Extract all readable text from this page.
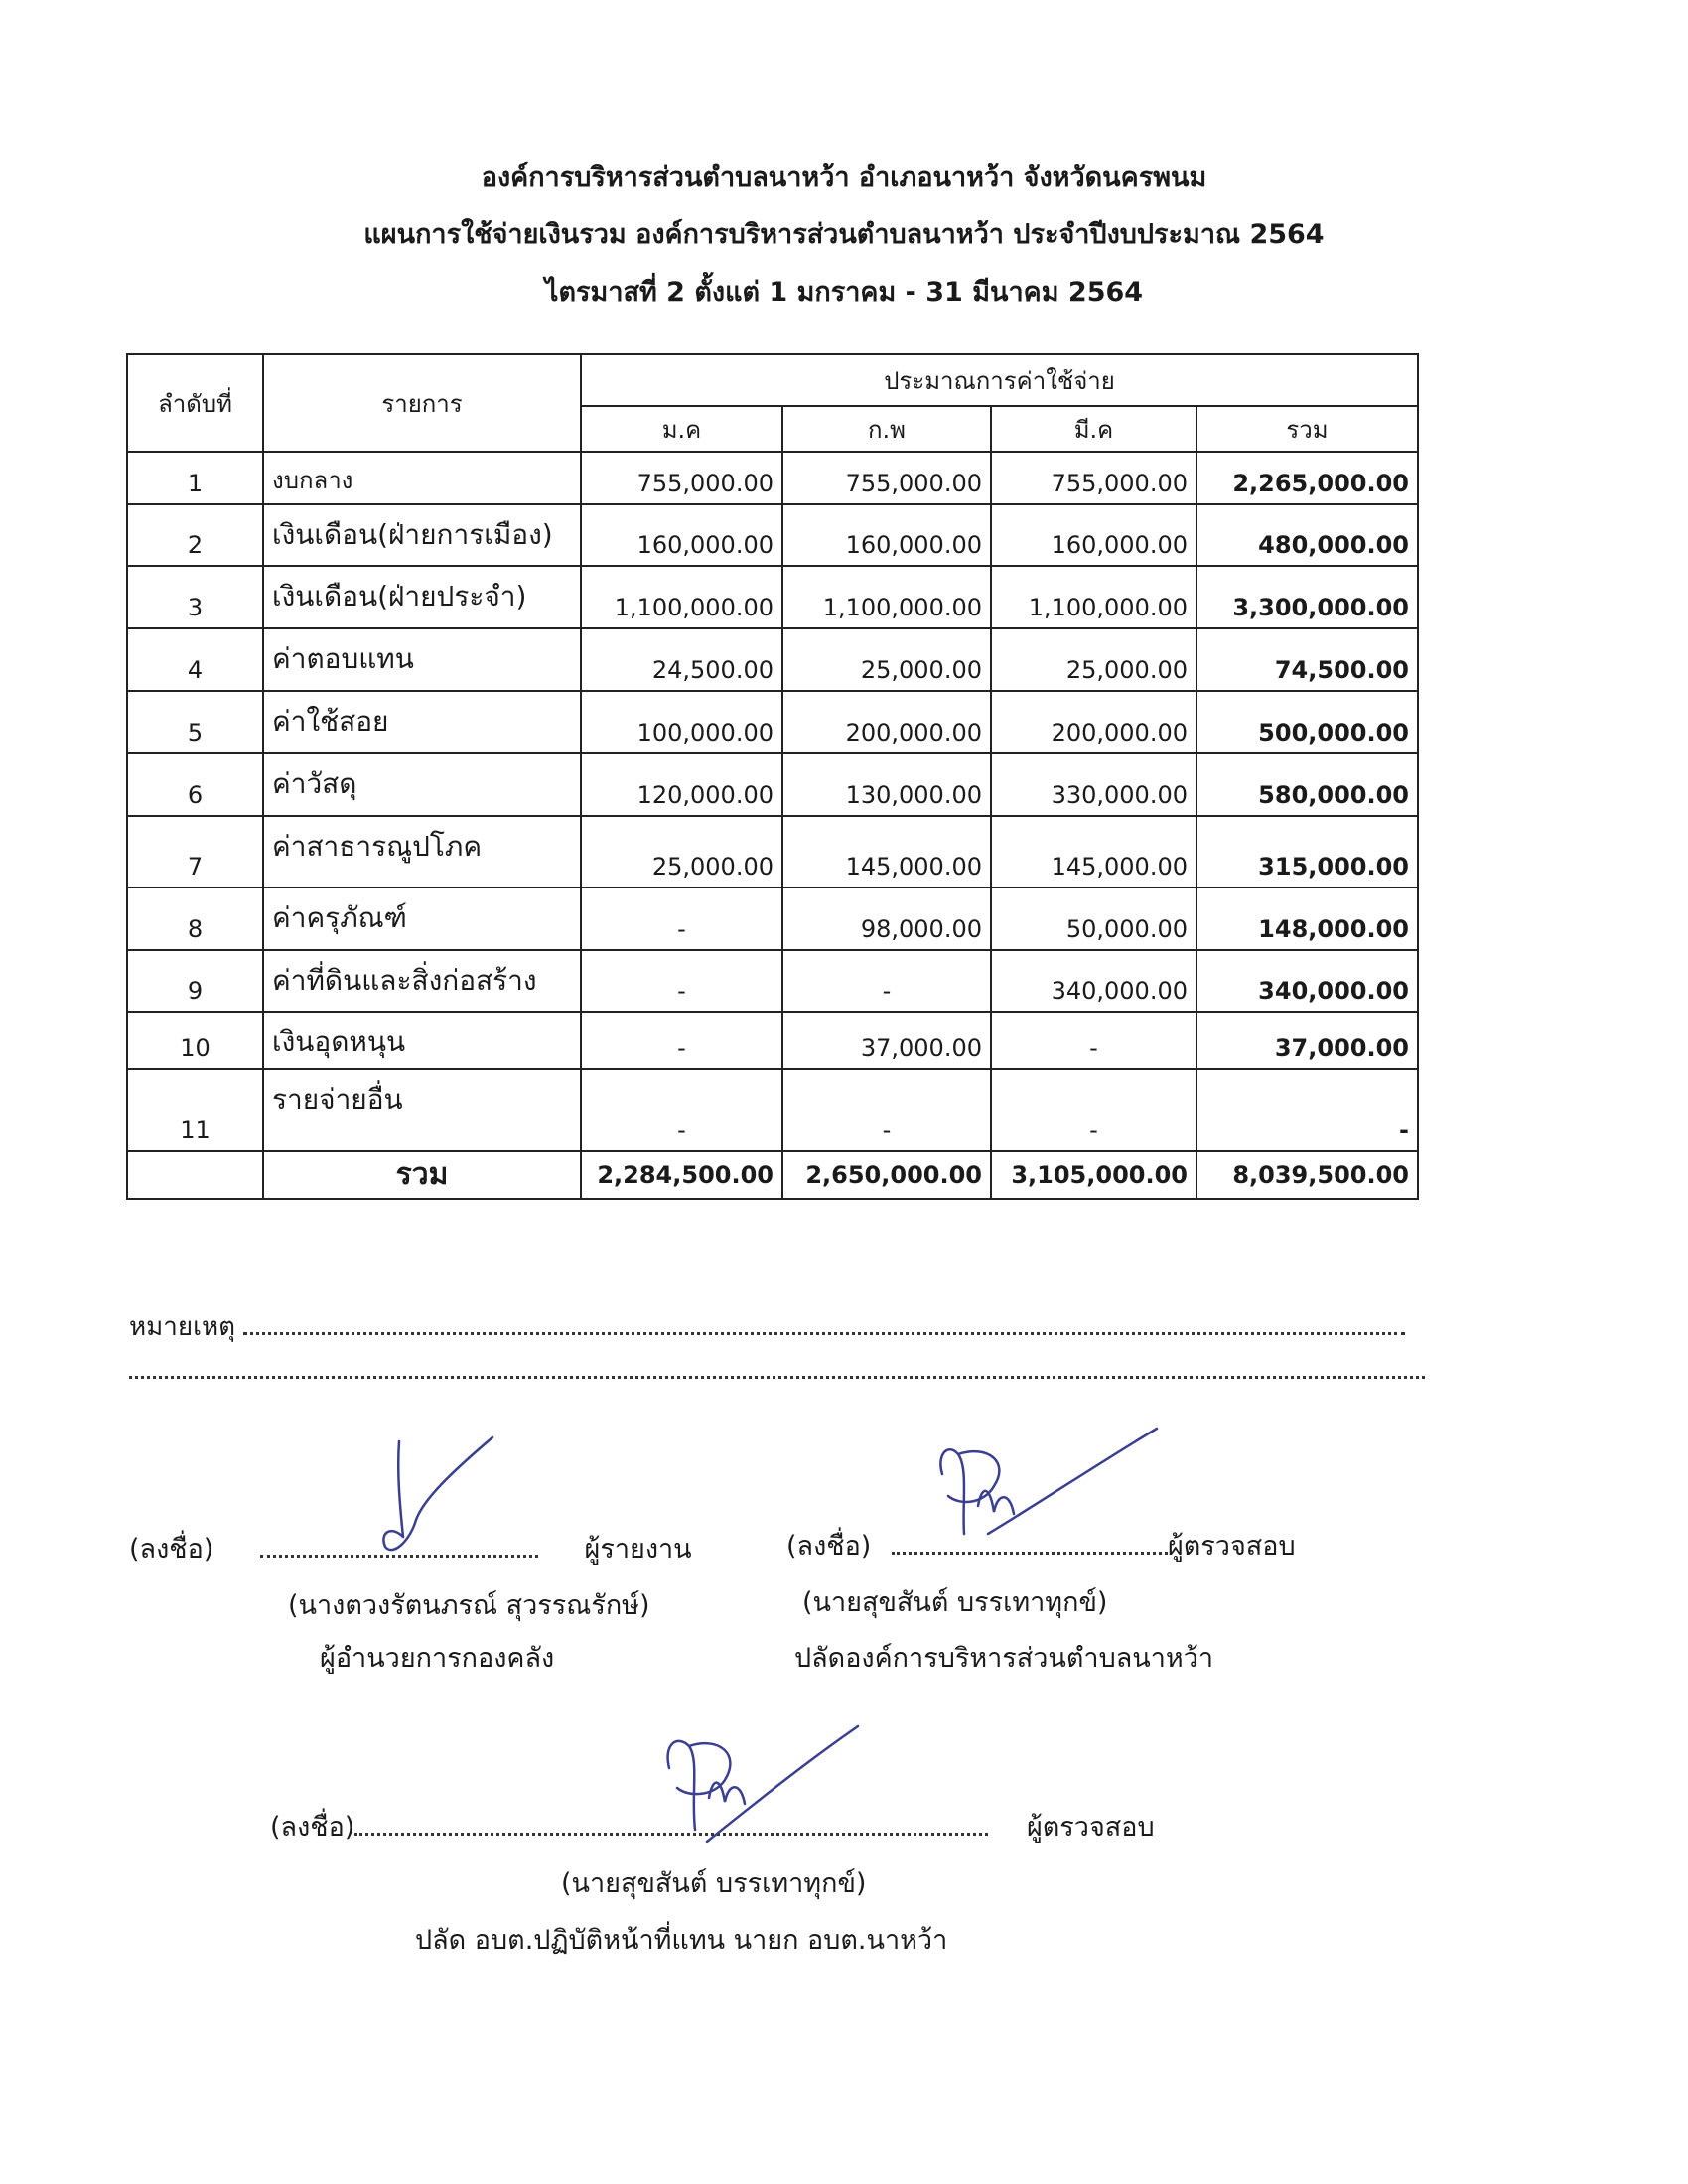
องค์การบริหารส่วนตำบลนาหว้า อำเภอนาหว้า จังหวัดนครพนม
แผนการใช้จ่ายเงินรวม องค์การบริหารส่วนตำบลนาหว้า ประจำปีงบประมาณ 2564
ไตรมาสที่ 2 ตั้งแต่ 1 มกราคม - 31 มีนาคม 2564
ลำดับที่	รายการ	ประมาณการค่าใช้จ่าย			
		ม.ค	ก.พ	มี.ค	รวม
1	งบกลาง	755,000.00	755,000.00	755,000.00	2,265,000.00
2	เงินเดือน(ฝ่ายการเมือง)	160,000.00	160,000.00	160,000.00	480,000.00
3	เงินเดือน(ฝ่ายประจำ)	1,100,000.00	1,100,000.00	1,100,000.00	3,300,000.00
4	ค่าตอบแทน	24,500.00	25,000.00	25,000.00	74,500.00
5	ค่าใช้สอย	100,000.00	200,000.00	200,000.00	500,000.00
6	ค่าวัสดุ	120,000.00	130,000.00	330,000.00	580,000.00
7	ค่าสาธารณูปโภค	25,000.00	145,000.00	145,000.00	315,000.00
8	ค่าครุภัณฑ์	-	98,000.00	50,000.00	148,000.00
9	ค่าที่ดินและสิ่งก่อสร้าง	-	-	340,000.00	340,000.00
10	เงินอุดหนุน	-	37,000.00	-	37,000.00
11	รายจ่ายอื่น	-	-	-	-
	รวม	2,284,500.00	2,650,000.00	3,105,000.00	8,039,500.00
หมายเหตุ
(ลงชื่อ)	ผู้รายงาน
(นางตวงรัตนภรณ์ สุวรรณรักษ์)
ผู้อำนวยการกองคลัง
(ลงชื่อ)	ผู้ตรวจสอบ
(นายสุขสันต์ บรรเทาทุกข์)
ปลัดองค์การบริหารส่วนตำบลนาหว้า
(ลงชื่อ)	ผู้ตรวจสอบ
(นายสุขสันต์ บรรเทาทุกข์)
ปลัด อบต.ปฏิบัติหน้าที่แทน นายก อบต.นาหว้า
